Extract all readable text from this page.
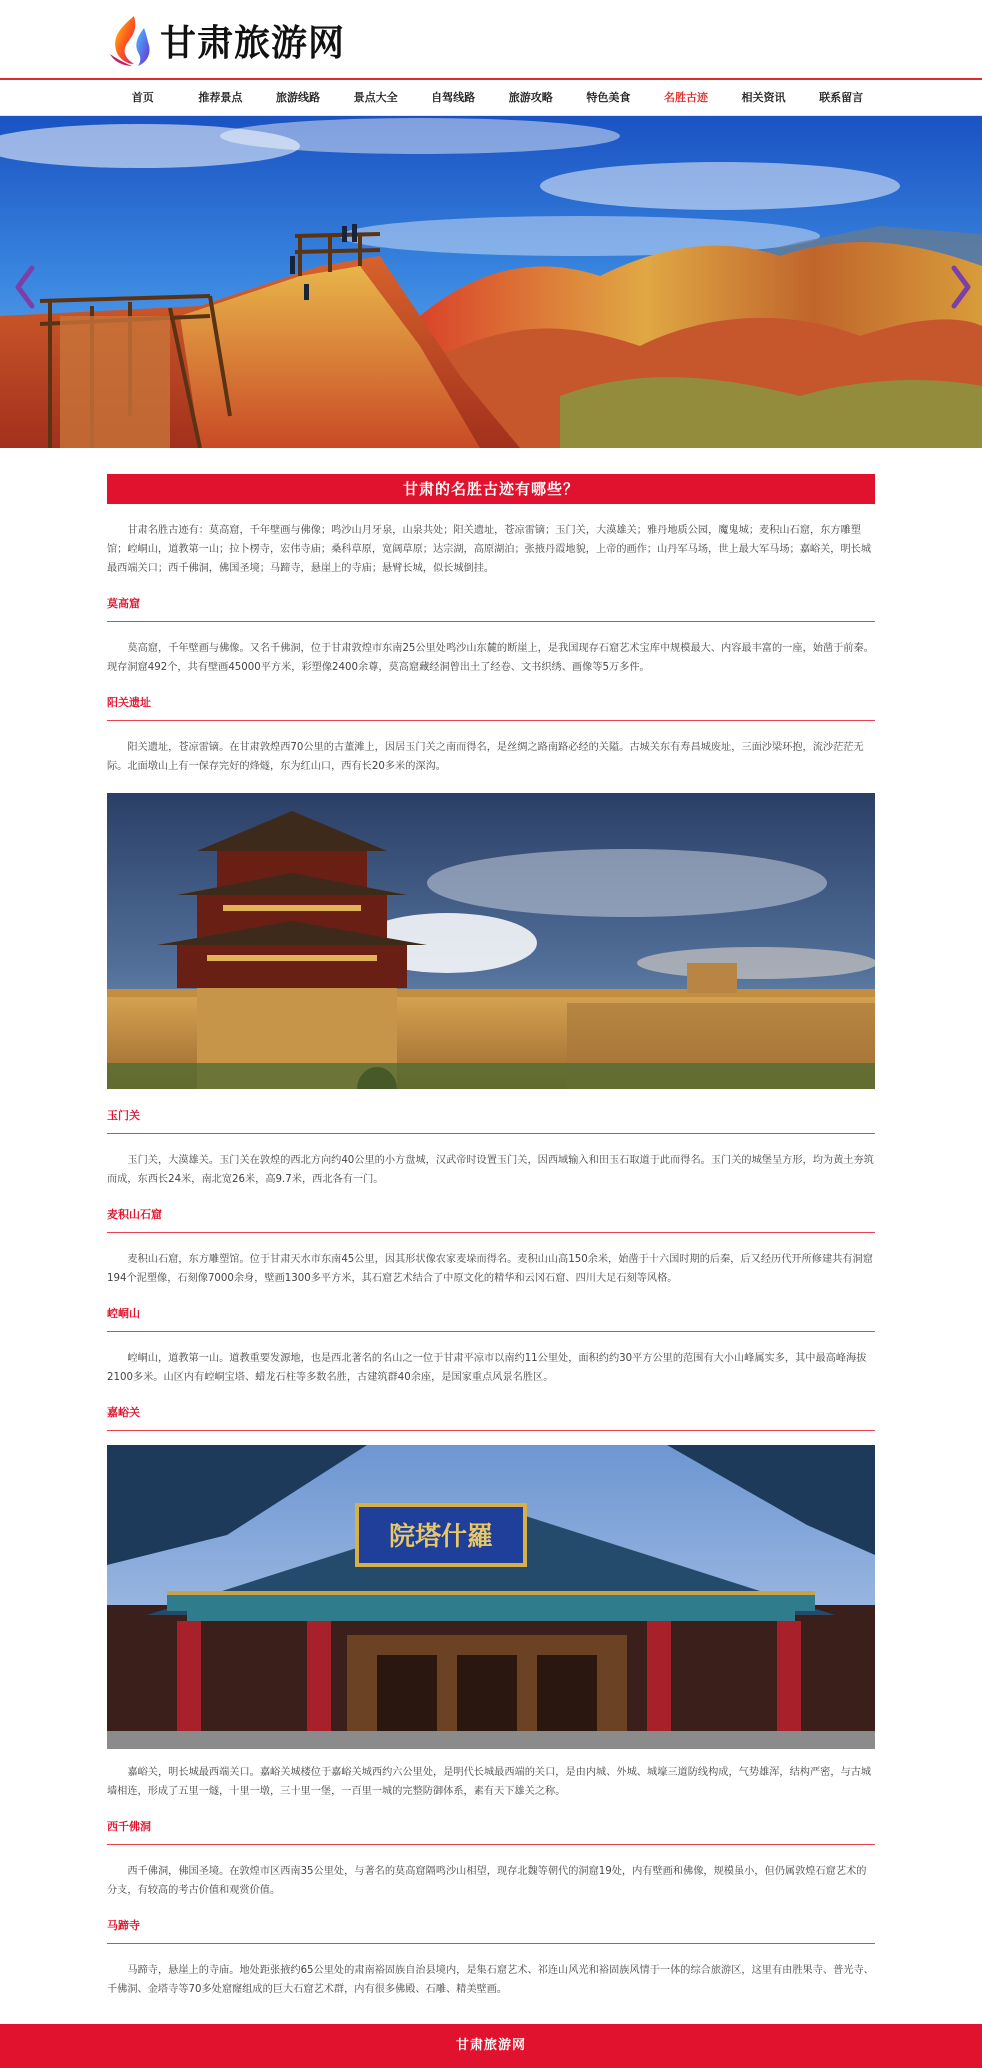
甘肃旅游网
首页	推荐景点	旅游线路	景点大全	自驾线路	旅游攻略	特色美食	名胜古迹	相关资讯	联系留言
甘肃的名胜古迹有哪些？

甘肃名胜古迹有：莫高窟，千年壁画与佛像；鸣沙山月牙泉，山泉共处；阳关遗址，苍凉雷镝；玉门关，大漠雄关；雅丹地质公园，魔鬼城；麦积山石窟，东方雕塑馆；崆峒山，道教第一山；拉卜楞寺，宏伟寺庙；桑科草原，宽阔草原；达宗湖，高原湖泊；张掖丹霞地貌，上帝的画作；山丹军马场，世上最大军马场；嘉峪关，明长城最西端关口；西千佛洞，佛国圣境；马蹄寺，悬崖上的寺庙；悬臂长城，似长城倒挂。

莫高窟

莫高窟，千年壁画与佛像。又名千佛洞，位于甘肃敦煌市东南25公里处鸣沙山东麓的断崖上，是我国现存石窟艺术宝库中规模最大、内容最丰富的一座，始凿于前秦。现存洞窟492个，共有壁画45000平方米，彩塑像2400余尊，莫高窟藏经洞曾出土了经卷、文书织绣、画像等5万多件。

阳关遗址

阳关遗址，苍凉雷镝。在甘肃敦煌西70公里的古董滩上，因居玉门关之南而得名，是丝绸之路南路必经的关隘。古城关东有寿昌城废址，三面沙梁环抱，流沙茫茫无际。北面墩山上有一保存完好的烽燧，东为红山口，西有长20多米的深沟。

玉门关

玉门关，大漠雄关。玉门关在敦煌的西北方向约40公里的小方盘城，汉武帝时设置玉门关，因西域输入和田玉石取道于此而得名。玉门关的城堡呈方形，均为黄土夯筑而成，东西长24米，南北宽26米，高9.7米，西北各有一门。

麦积山石窟

麦积山石窟，东方雕塑馆。位于甘肃天水市东南45公里，因其形状像农家麦垛而得名。麦积山山高150余米，始凿于十六国时期的后秦，后又经历代开所修建共有洞窟194个泥塑像，石刻像7000余身，壁画1300多平方米，其石窟艺术结合了中原文化的精华和云冈石窟、四川大足石刻等风格。

崆峒山

崆峒山，道教第一山。道教重要发源地，也是西北著名的名山之一位于甘肃平凉市以南约11公里处，面积约约30平方公里的范围有大小山峰属实多，其中最高峰海拔2100多米。山区内有崆峒宝塔、蜡龙石柱等多数名胜，古建筑群40余座，是国家重点风景名胜区。

嘉峪关
院塔什羅

嘉峪关，明长城最西端关口。嘉峪关城楼位于嘉峪关城西约六公里处，是明代长城最西端的关口，是由内城、外城、城壕三道防线构成，气势雄浑，结构严密，与古城墙相连，形成了五里一燧，十里一墩，三十里一堡，一百里一城的完整防御体系，素有天下雄关之称。

西千佛洞

西千佛洞，佛国圣境。在敦煌市区西南35公里处，与著名的莫高窟隔鸣沙山相望，现存北魏等朝代的洞窟19处，内有壁画和佛像，规模虽小，但仍属敦煌石窟艺术的分支，有较高的考古价值和观赏价值。

马蹄寺

马蹄寺，悬崖上的寺庙。地处距张掖约65公里处的肃南裕固族自治县境内，是集石窟艺术、祁连山风光和裕固族风情于一体的综合旅游区，这里有由胜果寺、普光寺、千佛洞、金塔寺等70多处窟窿组成的巨大石窟艺术群，内有很多佛殿、石雕、精美壁画。

甘肃旅游网
